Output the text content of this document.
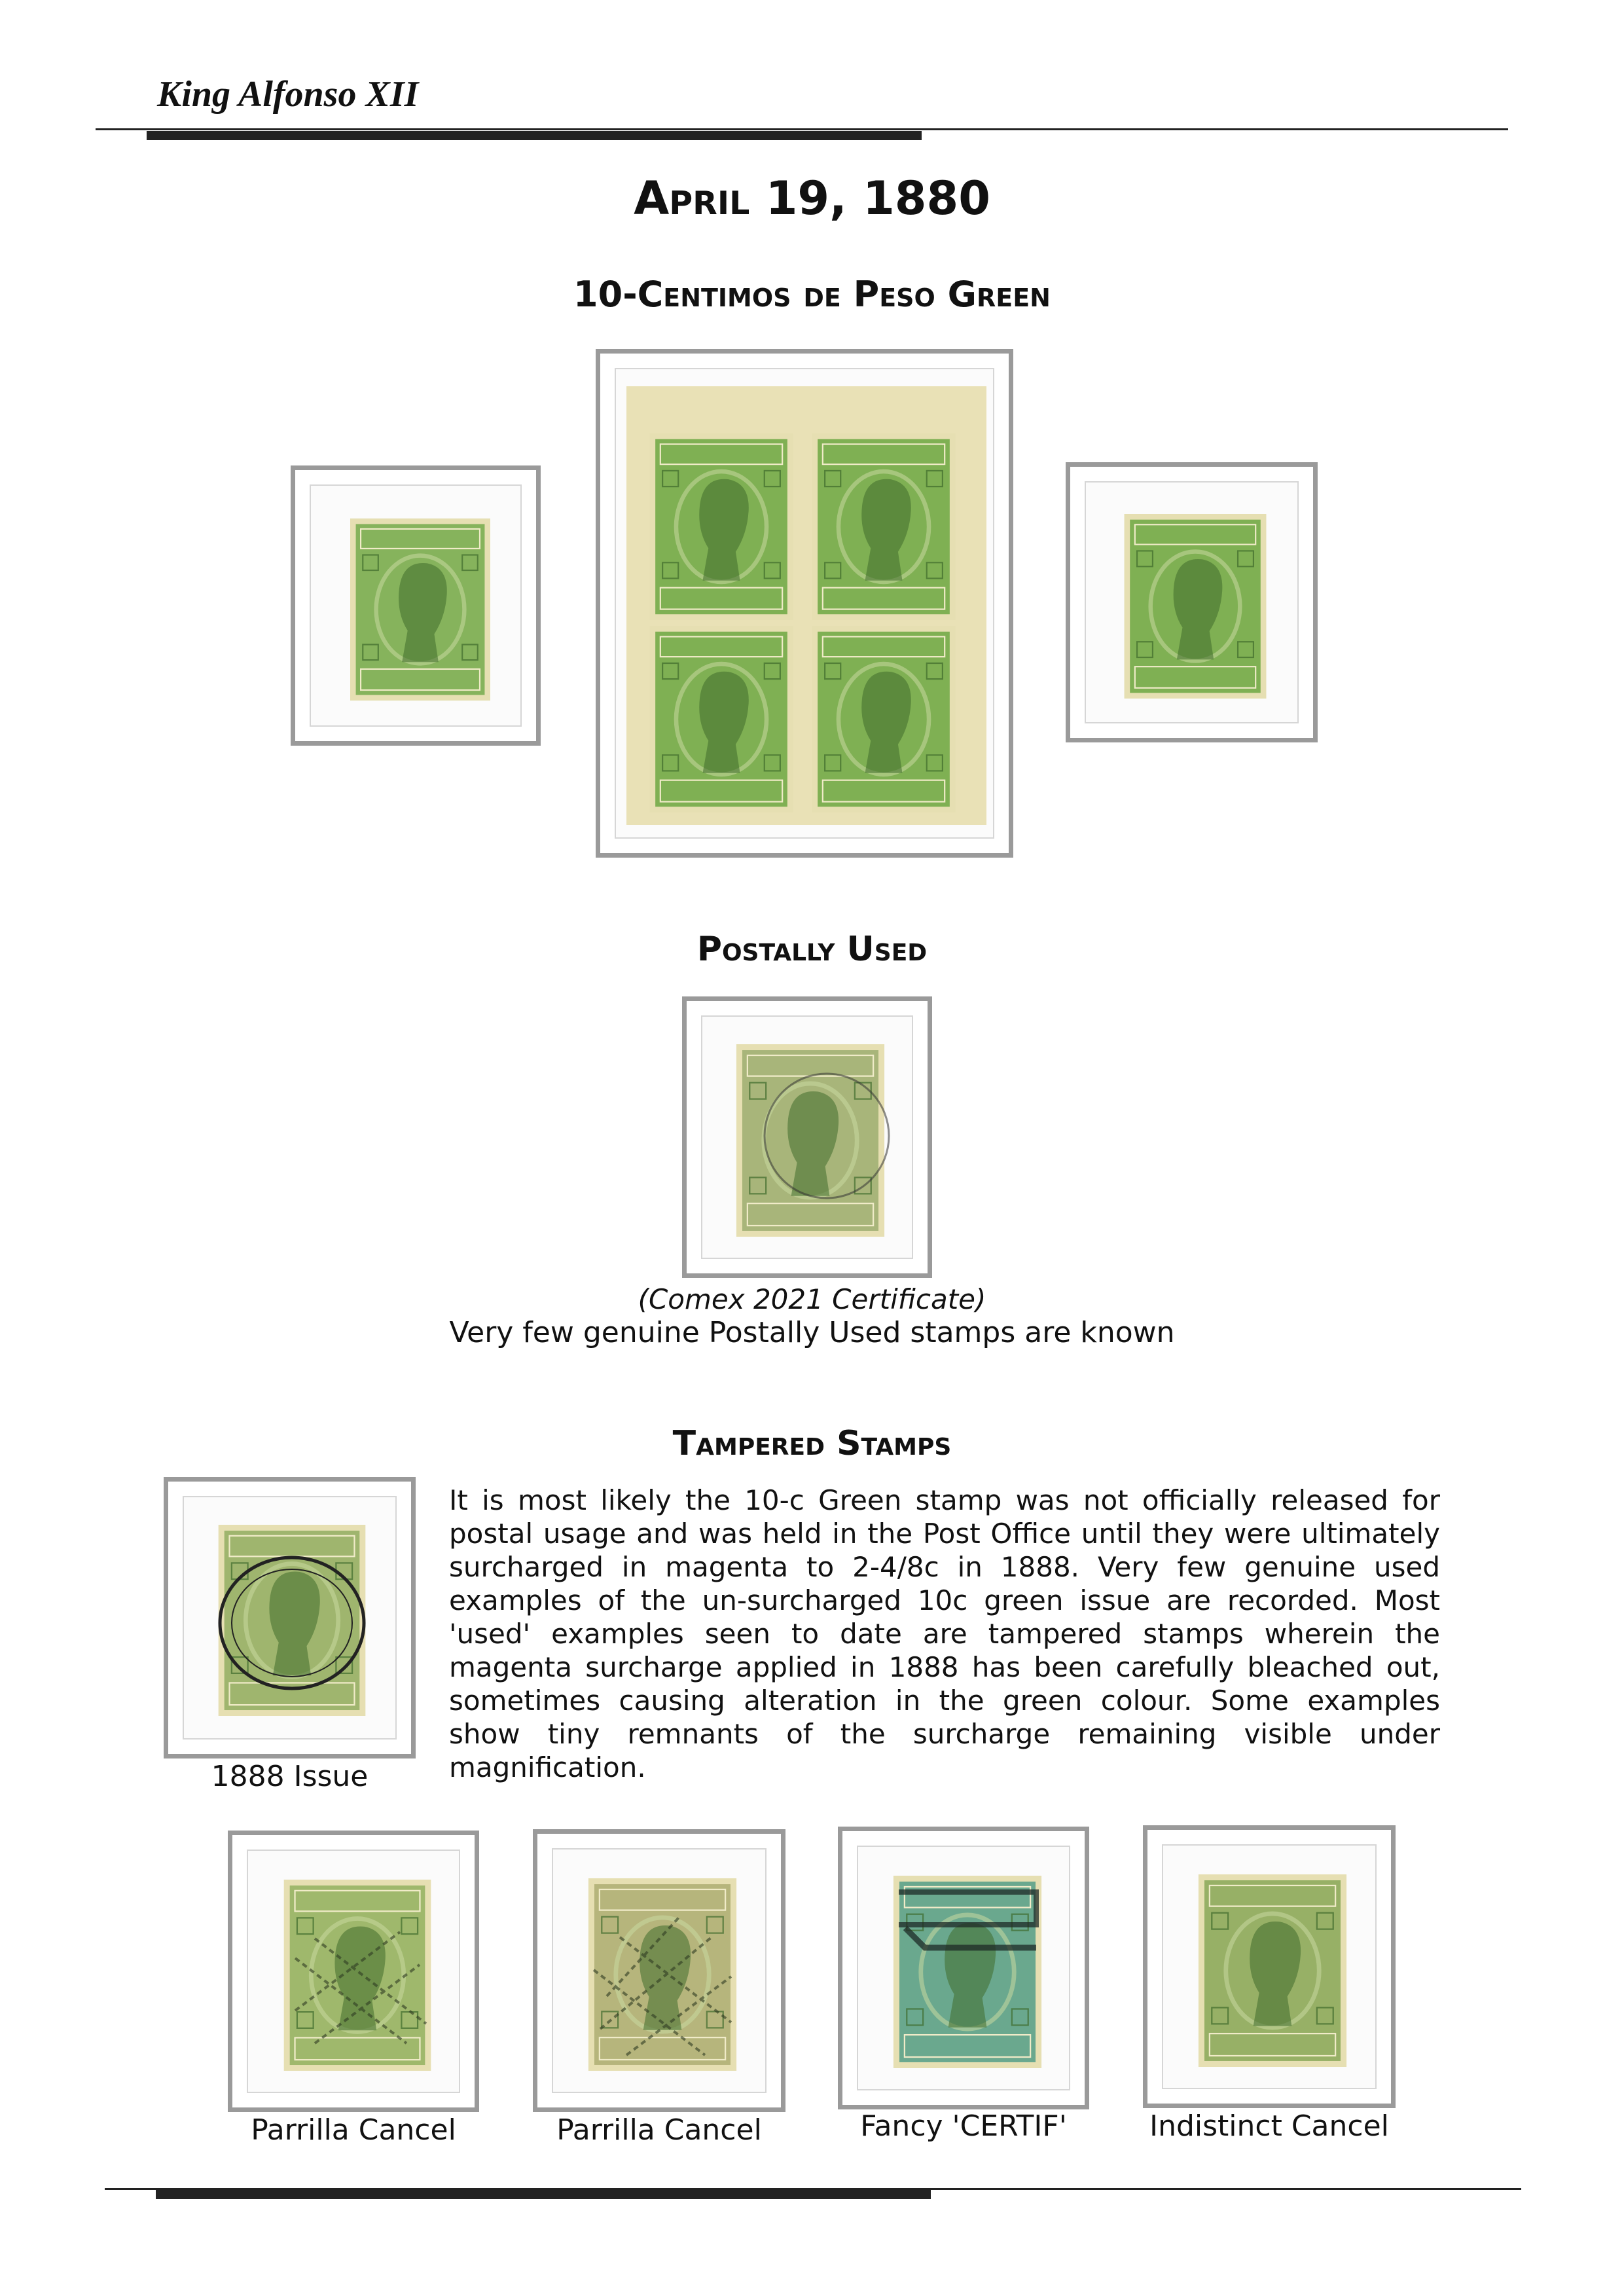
King Alfonso XII
April 19, 1880
10-Centimos de Peso Green
Postally Used
(Comex 2021 Certificate)
Very few genuine Postally Used stamps are known
Tampered Stamps
1888 Issue
It is most likely the 10-c Green stamp was not officially released for postal usage and was held in the Post Office until they were ultimately surcharged in magenta to 2-4/8c in 1888. Very few genuine used examples of the un-surcharged 10c green issue are recorded. Most 'used' examples seen to date are tampered stamps wherein the magenta surcharge applied in 1888 has been carefully bleached out, sometimes causing alteration in the green colour. Some examples show tiny remnants of the surcharge remaining visible under magnification.
Parrilla Cancel	Parrilla Cancel	Fancy 'CERTIF'	Indistinct Cancel
